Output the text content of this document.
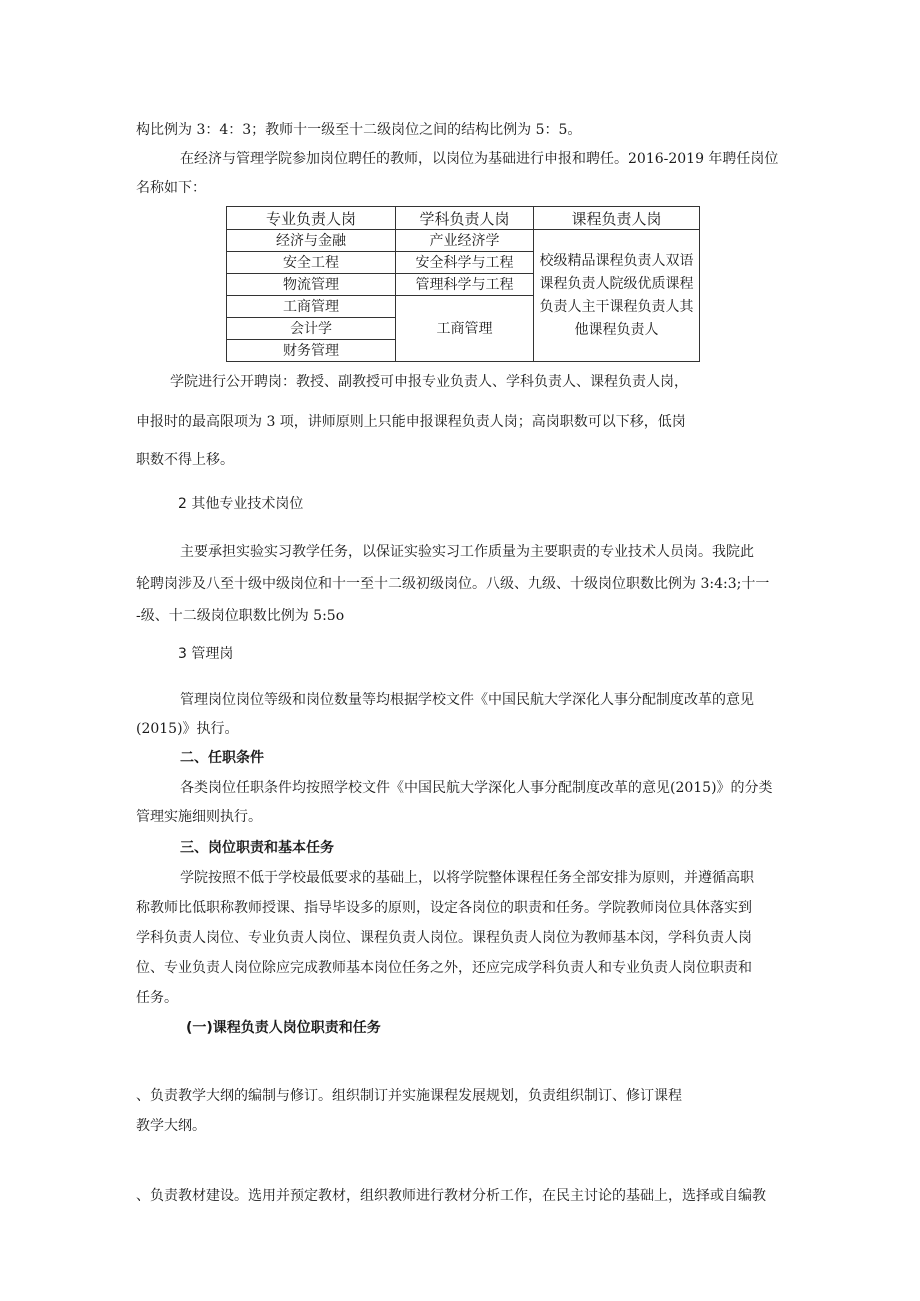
构比例为 3：4：3；教师十一级至十二级岗位之间的结构比例为 5：5。

在经济与管理学院参加岗位聘任的教师，以岗位为基础进行申报和聘任。2016-2019 年聘任岗位

名称如下：

专业负责人岗	学科负责人岗	课程负责人岗
经济与金融	产业经济学	校级精品课程负责人双语课程负责人院级优质课程负责人主干课程负责人其他课程负责人
安全工程	安全科学与工程	
物流管理	管理科学与工程	
工商管理	工商管理	
会计学		
财务管理		

学院进行公开聘岗：教授、副教授可申报专业负责人、学科负责人、课程负责人岗，

申报时的最高限项为 3 项，讲师原则上只能申报课程负责人岗；高岗职数可以下移，低岗

职数不得上移。

2 其他专业技术岗位

主要承担实验实习教学任务，以保证实验实习工作质量为主要职责的专业技术人员岗。我院此

轮聘岗涉及八至十级中级岗位和十一至十二级初级岗位。八级、九级、十级岗位职数比例为 3:4:3;十一

-级、十二级岗位职数比例为 5:5o

3 管理岗

管理岗位岗位等级和岗位数量等均根据学校文件《中国民航大学深化人事分配制度改革的意见

(2015)》执行。

二、任职条件

各类岗位任职条件均按照学校文件《中国民航大学深化人事分配制度改革的意见(2015)》的分类

管理实施细则执行。

三、岗位职责和基本任务

学院按照不低于学校最低要求的基础上，以将学院整体课程任务全部安排为原则，并遵循高职

称教师比低职称教师授课、指导毕设多的原则，设定各岗位的职责和任务。学院教师岗位具体落实到

学科负责人岗位、专业负责人岗位、课程负责人岗位。课程负责人岗位为教师基本闵，学科负责人岗

位、专业负责人岗位除应完成教师基本岗位任务之外，还应完成学科负责人和专业负责人岗位职责和

任务。

(一)课程负责人岗位职责和任务

、负责教学大纲的编制与修订。组织制订并实施课程发展规划，负责组织制订、修订课程

教学大纲。

、负责教材建设。选用并预定教材，组织教师进行教材分析工作，在民主讨论的基础上，选择或自编教
